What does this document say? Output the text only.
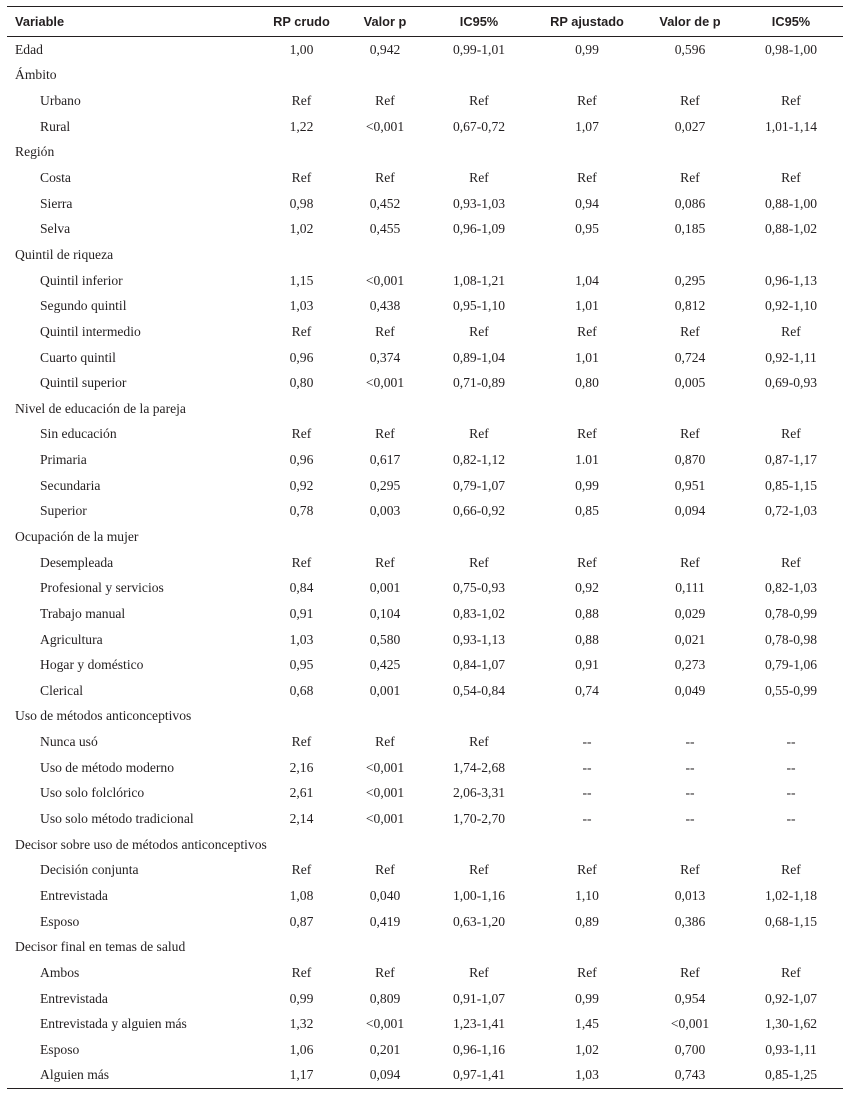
Variable	RP crudo	Valor p	IC95%	RP ajustado	Valor de p	IC95%
Edad	1,00	0,942	0,99-1,01	0,99	0,596	0,98-1,00
Ámbito						
Urbano	Ref	Ref	Ref	Ref	Ref	Ref
Rural	1,22	<0,001	0,67-0,72	1,07	0,027	1,01-1,14
Región						
Costa	Ref	Ref	Ref	Ref	Ref	Ref
Sierra	0,98	0,452	0,93-1,03	0,94	0,086	0,88-1,00
Selva	1,02	0,455	0,96-1,09	0,95	0,185	0,88-1,02
Quintil de riqueza						
Quintil inferior	1,15	<0,001	1,08-1,21	1,04	0,295	0,96-1,13
Segundo quintil	1,03	0,438	0,95-1,10	1,01	0,812	0,92-1,10
Quintil intermedio	Ref	Ref	Ref	Ref	Ref	Ref
Cuarto quintil	0,96	0,374	0,89-1,04	1,01	0,724	0,92-1,11
Quintil superior	0,80	<0,001	0,71-0,89	0,80	0,005	0,69-0,93
Nivel de educación de la pareja						
Sin educación	Ref	Ref	Ref	Ref	Ref	Ref
Primaria	0,96	0,617	0,82-1,12	1.01	0,870	0,87-1,17
Secundaria	0,92	0,295	0,79-1,07	0,99	0,951	0,85-1,15
Superior	0,78	0,003	0,66-0,92	0,85	0,094	0,72-1,03
Ocupación de la mujer						
Desempleada	Ref	Ref	Ref	Ref	Ref	Ref
Profesional y servicios	0,84	0,001	0,75-0,93	0,92	0,111	0,82-1,03
Trabajo manual	0,91	0,104	0,83-1,02	0,88	0,029	0,78-0,99
Agricultura	1,03	0,580	0,93-1,13	0,88	0,021	0,78-0,98
Hogar y doméstico	0,95	0,425	0,84-1,07	0,91	0,273	0,79-1,06
Clerical	0,68	0,001	0,54-0,84	0,74	0,049	0,55-0,99
Uso de métodos anticonceptivos						
Nunca usó	Ref	Ref	Ref	--	--	--
Uso de método moderno	2,16	<0,001	1,74-2,68	--	--	--
Uso solo folclórico	2,61	<0,001	2,06-3,31	--	--	--
Uso solo método tradicional	2,14	<0,001	1,70-2,70	--	--	--
Decisor sobre uso de métodos anticonceptivos						
Decisión conjunta	Ref	Ref	Ref	Ref	Ref	Ref
Entrevistada	1,08	0,040	1,00-1,16	1,10	0,013	1,02-1,18
Esposo	0,87	0,419	0,63-1,20	0,89	0,386	0,68-1,15
Decisor final en temas de salud						
Ambos	Ref	Ref	Ref	Ref	Ref	Ref
Entrevistada	0,99	0,809	0,91-1,07	0,99	0,954	0,92-1,07
Entrevistada y alguien más	1,32	<0,001	1,23-1,41	1,45	<0,001	1,30-1,62
Esposo	1,06	0,201	0,96-1,16	1,02	0,700	0,93-1,11
Alguien más	1,17	0,094	0,97-1,41	1,03	0,743	0,85-1,25
